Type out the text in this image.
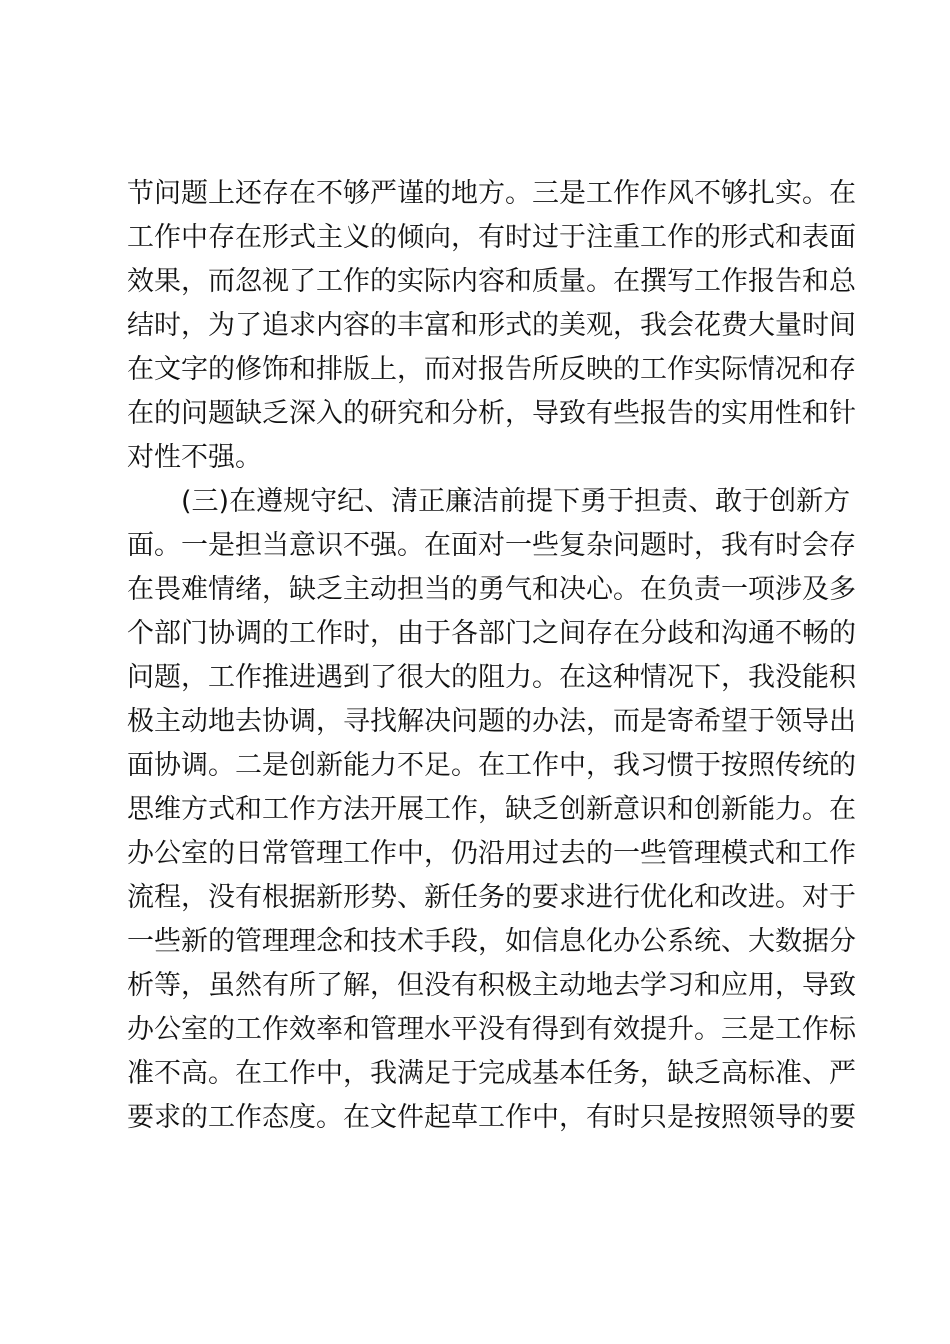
节问题上还存在不够严谨的地方。三是工作作风不够扎实。在
工作中存在形式主义的倾向，有时过于注重工作的形式和表面
效果，而忽视了工作的实际内容和质量。在撰写工作报告和总
结时，为了追求内容的丰富和形式的美观，我会花费大量时间
在文字的修饰和排版上，而对报告所反映的工作实际情况和存
在的问题缺乏深入的研究和分析，导致有些报告的实用性和针
对性不强。
(三)在遵规守纪、清正廉洁前提下勇于担责、敢于创新方
面。一是担当意识不强。在面对一些复杂问题时，我有时会存
在畏难情绪，缺乏主动担当的勇气和决心。在负责一项涉及多
个部门协调的工作时，由于各部门之间存在分歧和沟通不畅的
问题，工作推进遇到了很大的阻力。在这种情况下，我没能积
极主动地去协调，寻找解决问题的办法，而是寄希望于领导出
面协调。二是创新能力不足。在工作中，我习惯于按照传统的
思维方式和工作方法开展工作，缺乏创新意识和创新能力。在
办公室的日常管理工作中，仍沿用过去的一些管理模式和工作
流程，没有根据新形势、新任务的要求进行优化和改进。对于
一些新的管理理念和技术手段，如信息化办公系统、大数据分
析等，虽然有所了解，但没有积极主动地去学习和应用，导致
办公室的工作效率和管理水平没有得到有效提升。三是工作标
准不高。在工作中，我满足于完成基本任务，缺乏高标准、严
要求的工作态度。在文件起草工作中，有时只是按照领导的要
